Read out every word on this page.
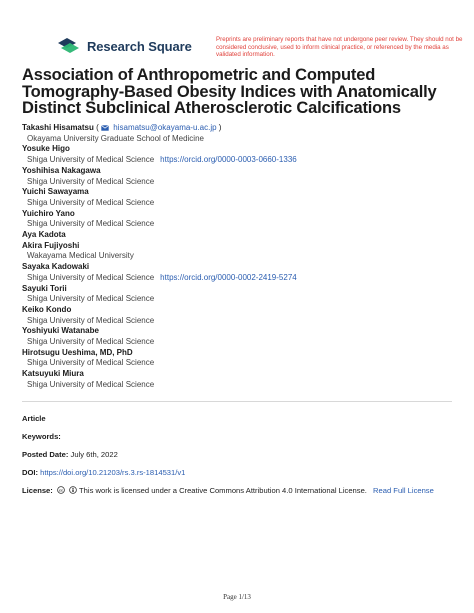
Research Square	Preprints are preliminary reports that have not undergone peer review. They should not be considered conclusive, used to inform clinical practice, or referenced by the media as validated information.
Association of Anthropometric and Computed Tomography-Based Obesity Indices with Anatomically Distinct Subclinical Atherosclerotic Calcifications
Takashi Hisamatsu ( hisamatsu@okayama-u.ac.jp )
Okayama University Graduate School of Medicine
Yosuke Higo
Shiga University of Medical Science https://orcid.org/0000-0003-0660-1336
Yoshihisa Nakagawa
Shiga University of Medical Science
Yuichi Sawayama
Shiga University of Medical Science
Yuichiro Yano
Shiga University of Medical Science
Aya Kadota
Akira Fujiyoshi
Wakayama Medical University
Sayaka Kadowaki
Shiga University of Medical Science https://orcid.org/0000-0002-2419-5274
Sayuki Torii
Shiga University of Medical Science
Keiko Kondo
Shiga University of Medical Science
Yoshiyuki Watanabe
Shiga University of Medical Science
Hirotsugu Ueshima, MD, PhD
Shiga University of Medical Science
Katsuyuki Miura
Shiga University of Medical Science
Article
Keywords:
Posted Date: July 6th, 2022
DOI: https://doi.org/10.21203/rs.3.rs-1814531/v1
License: cc This work is licensed under a Creative Commons Attribution 4.0 International License. Read Full License
Page 1/13
